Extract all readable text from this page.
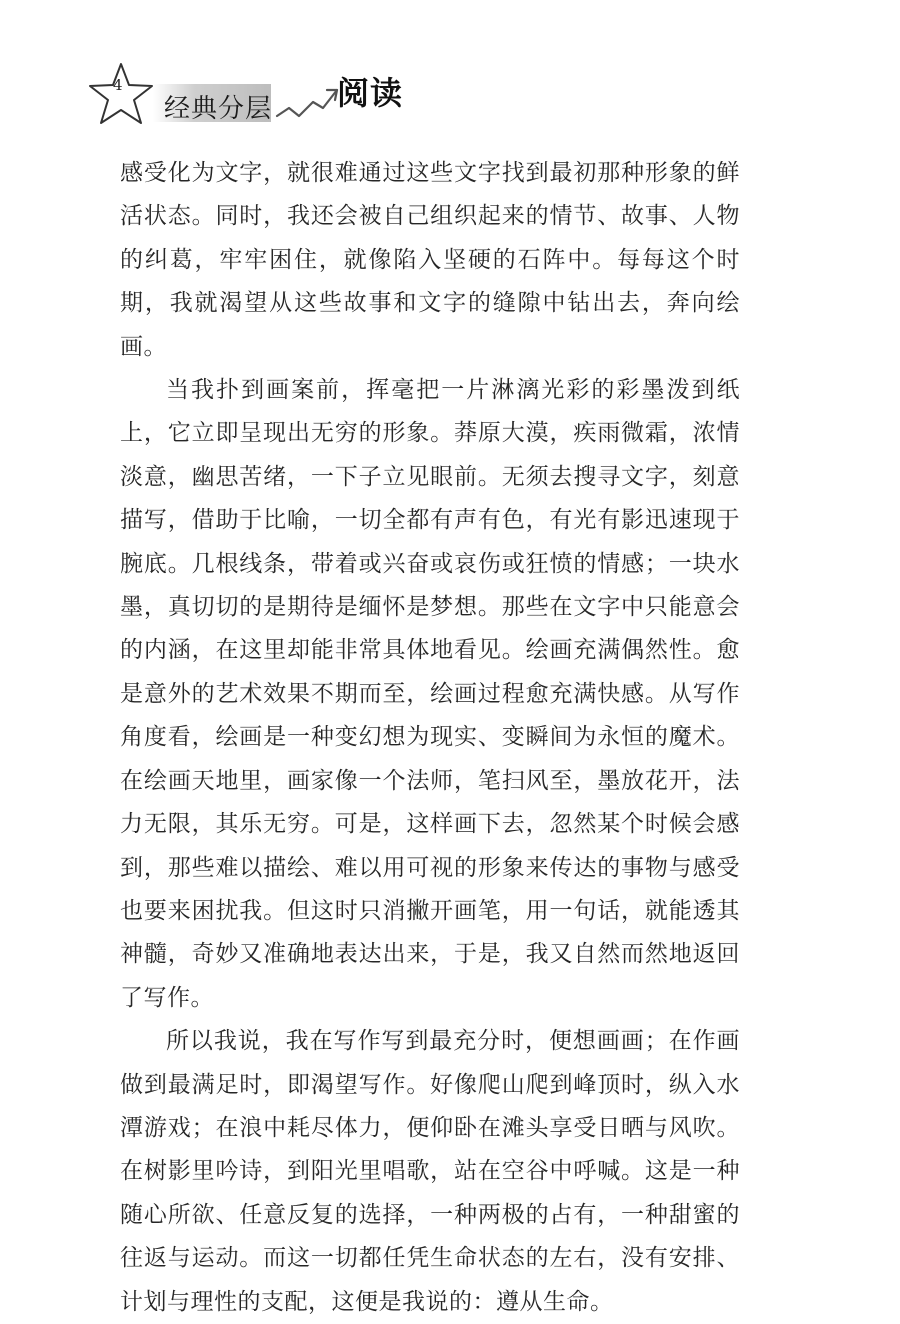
4
经典分层 阅读

感受化为文字，就很难通过这些文字找到最初那种形象的鲜活状态。同时，我还会被自己组织起来的情节、故事、人物的纠葛，牢牢困住，就像陷入坚硬的石阵中。每每这个时期，我就渴望从这些故事和文字的缝隙中钻出去，奔向绘画。

当我扑到画案前，挥毫把一片淋漓光彩的彩墨泼到纸上，它立即呈现出无穷的形象。莽原大漠，疾雨微霜，浓情淡意，幽思苦绪，一下子立见眼前。无须去搜寻文字，刻意描写，借助于比喻，一切全都有声有色，有光有影迅速现于腕底。几根线条，带着或兴奋或哀伤或狂愤的情感；一块水墨，真切切的是期待是缅怀是梦想。那些在文字中只能意会的内涵，在这里却能非常具体地看见。绘画充满偶然性。愈是意外的艺术效果不期而至，绘画过程愈充满快感。从写作角度看，绘画是一种变幻想为现实、变瞬间为永恒的魔术。在绘画天地里，画家像一个法师，笔扫风至，墨放花开，法力无限，其乐无穷。可是，这样画下去，忽然某个时候会感到，那些难以描绘、难以用可视的形象来传达的事物与感受也要来困扰我。但这时只消撇开画笔，用一句话，就能透其神髓，奇妙又准确地表达出来，于是，我又自然而然地返回了写作。

所以我说，我在写作写到最充分时，便想画画；在作画做到最满足时，即渴望写作。好像爬山爬到峰顶时，纵入水潭游戏；在浪中耗尽体力，便仰卧在滩头享受日晒与风吹。在树影里吟诗，到阳光里唱歌，站在空谷中呼喊。这是一种随心所欲、任意反复的选择，一种两极的占有，一种甜蜜的往返与运动。而这一切都任凭生命状态的左右，没有安排、计划与理性的支配，这便是我说的：遵从生命。
